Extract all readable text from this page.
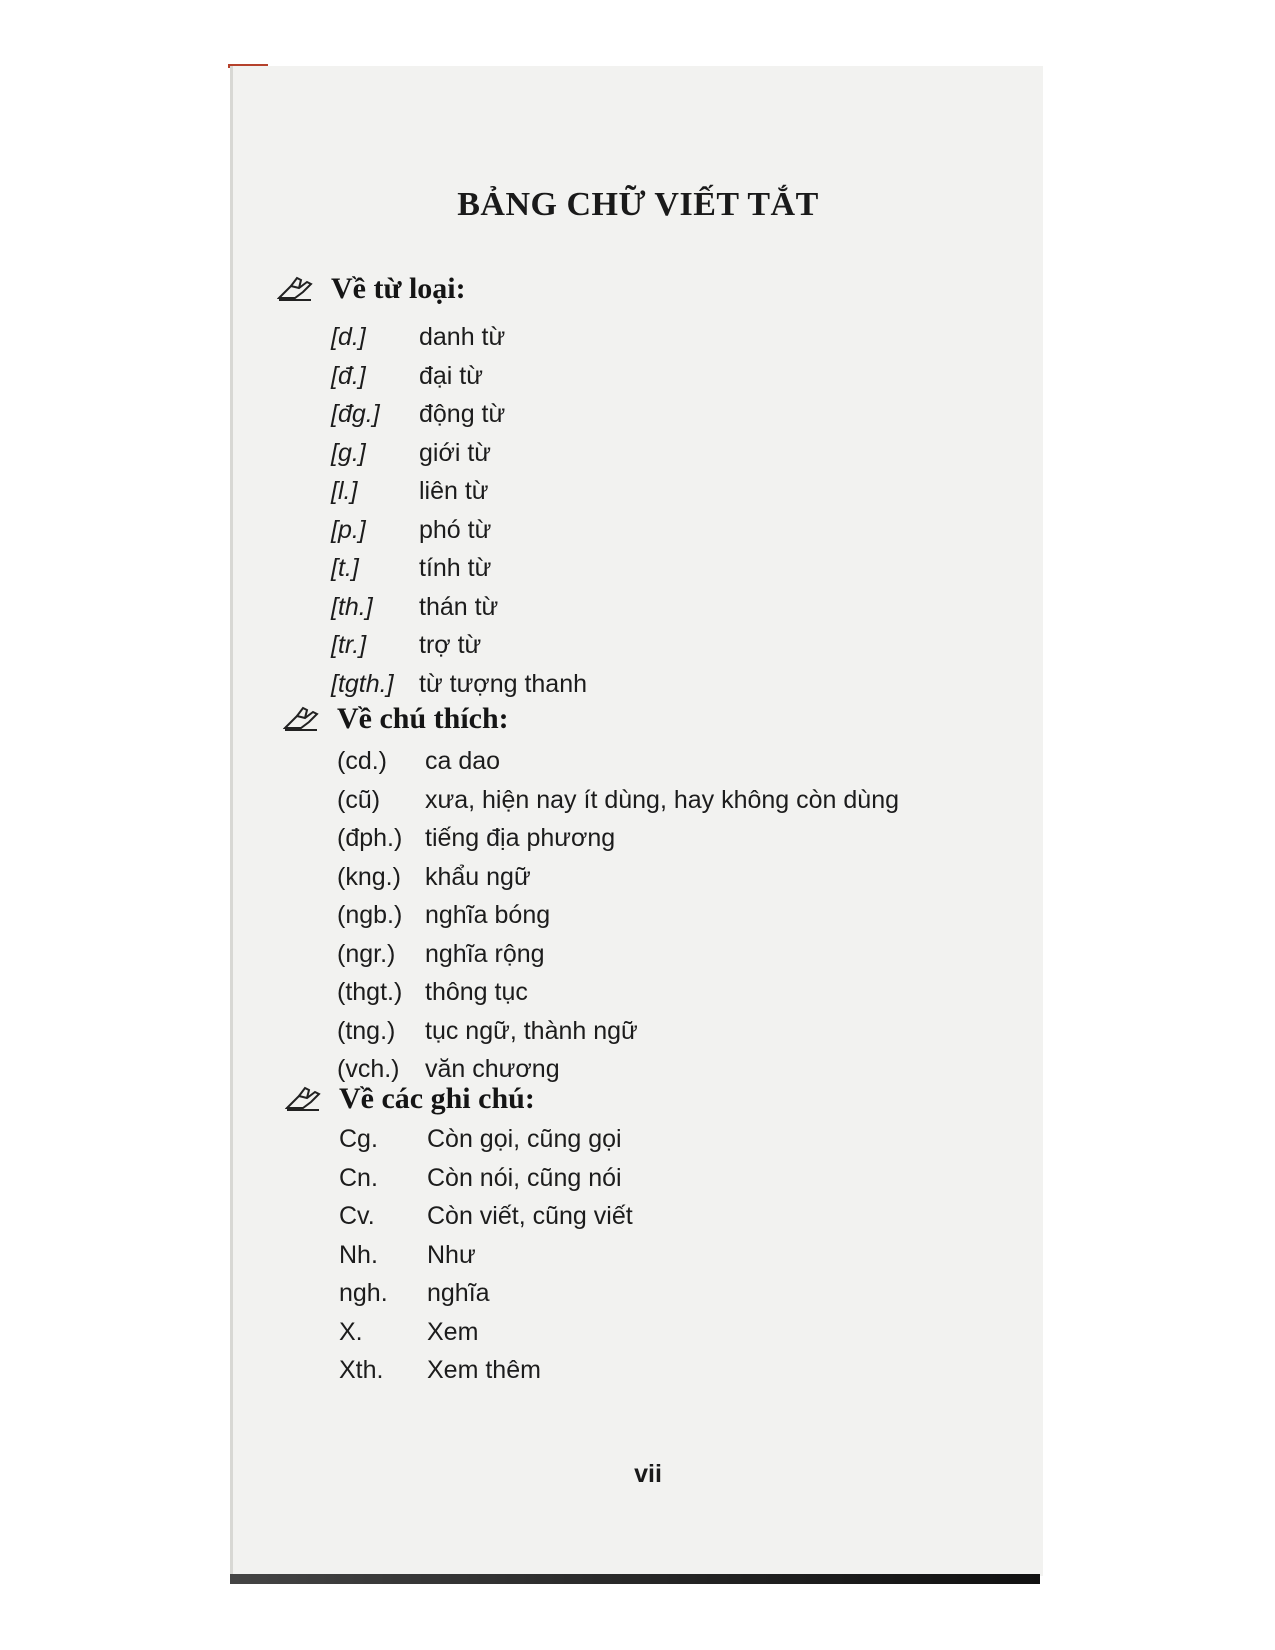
BẢNG CHỮ VIẾT TẮT
Về từ loại:
[d.]	danh từ
[đ.]	đại từ
[đg.]	động từ
[g.]	giới từ
[l.]	liên từ
[p.]	phó từ
[t.]	tính từ
[th.]	thán từ
[tr.]	trợ từ
[tgth.]	từ tượng thanh
Về chú thích:
(cd.)	ca dao
(cũ)	xưa, hiện nay ít dùng, hay không còn dùng
(đph.) tiếng địa phương
(kng.) khẩu ngữ
(ngb.) nghĩa bóng
(ngr.)	nghĩa rộng
(thgt.) thông tục
(tng.)	tục ngữ, thành ngữ
(vch.)	văn chương
Về các ghi chú:
Cg.	Còn gọi, cũng gọi
Cn.	Còn nói, cũng nói
Cv.	Còn viết, cũng viết
Nh.	Như
ngh.	nghĩa
X.	Xem
Xth.	Xem thêm
vii
